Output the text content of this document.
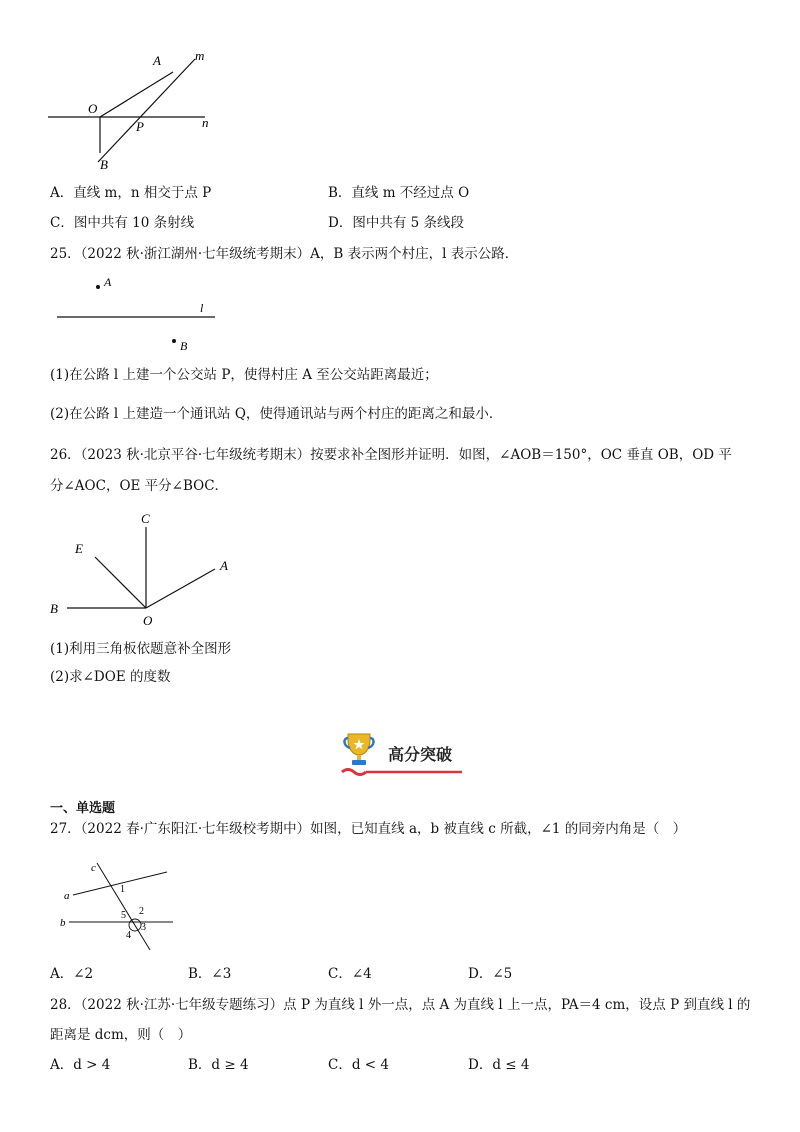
A	m
O
P	n
B
A．直线 m，n 相交于点 P	B．直线 m 不经过点 O
C．图中共有 10 条射线	D．图中共有 5 条线段
25．（2022 秋·浙江湖州·七年级统考期末）A，B 表示两个村庄，l 表示公路．
A
l
B
(1)在公路 l 上建一个公交站 P，使得村庄 A 至公交站距离最近；
(2)在公路 l 上建造一个通讯站 Q，使得通讯站与两个村庄的距离之和最小．
26．（2023 秋·北京平谷·七年级统考期末）按要求补全图形并证明．如图，∠AOB＝150°，OC 垂直 OB，OD 平
分∠AOC，OE 平分∠BOC．
C
E
A
B
O
(1)利用三角板依题意补全图形
(2)求∠DOE 的度数
高分突破
一、单选题
27．（2022 春·广东阳江·七年级校考期中）如图，已知直线 a，b 被直线 c 所截，∠1 的同旁内角是（　）
c
a
1
b
5 2
4
3
A．∠2	B．∠3	C．∠4	D．∠5
28．（2022 秋·江苏·七年级专题练习）点 P 为直线 l 外一点，点 A 为直线 l 上一点，PA＝4 cm，设点 P 到直线 l 的
距离是 dcm，则（　）
A．d > 4	B．d ≥ 4	C．d < 4	D．d ≤ 4
